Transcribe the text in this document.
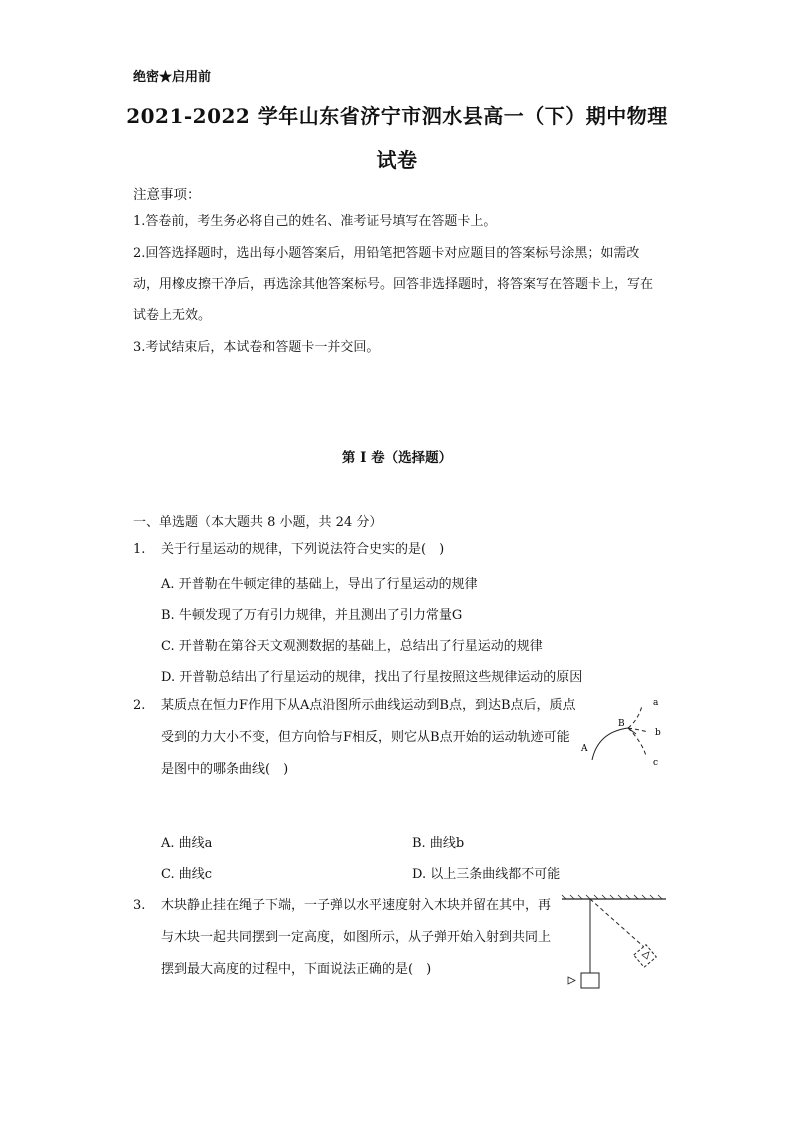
绝密★启用前
2021-2022 学年山东省济宁市泗水县高一（下）期中物理
试卷
注意事项：
1.答卷前，考生务必将自己的姓名、准考证号填写在答题卡上。
2.回答选择题时，选出每小题答案后，用铅笔把答题卡对应题目的答案标号涂黑；如需改动，用橡皮擦干净后，再选涂其他答案标号。回答非选择题时，将答案写在答题卡上，写在试卷上无效。
3.考试结束后，本试卷和答题卡一并交回。
第 I 卷（选择题）
一、单选题（本大题共 8 小题，共 24 分）
1. 关于行星运动的规律，下列说法符合史实的是(　)
A. 开普勒在牛顿定律的基础上，导出了行星运动的规律
B. 牛顿发现了万有引力规律，并且测出了引力常量G
C. 开普勒在第谷天文观测数据的基础上，总结出了行星运动的规律
D. 开普勒总结出了行星运动的规律，找出了行星按照这些规律运动的原因
2. 某质点在恒力F作用下从A点沿图所示曲线运动到B点，到达B点后，质点受到的力大小不变，但方向恰与F相反，则它从B点开始的运动轨迹可能是图中的哪条曲线(　)
A
B
a
b
c
A. 曲线a	B. 曲线b
C. 曲线c	D. 以上三条曲线都不可能
3. 木块静止挂在绳子下端，一子弹以水平速度射入木块并留在其中，再与木块一起共同摆到一定高度，如图所示，从子弹开始入射到共同上摆到最大高度的过程中，下面说法正确的是(　)
